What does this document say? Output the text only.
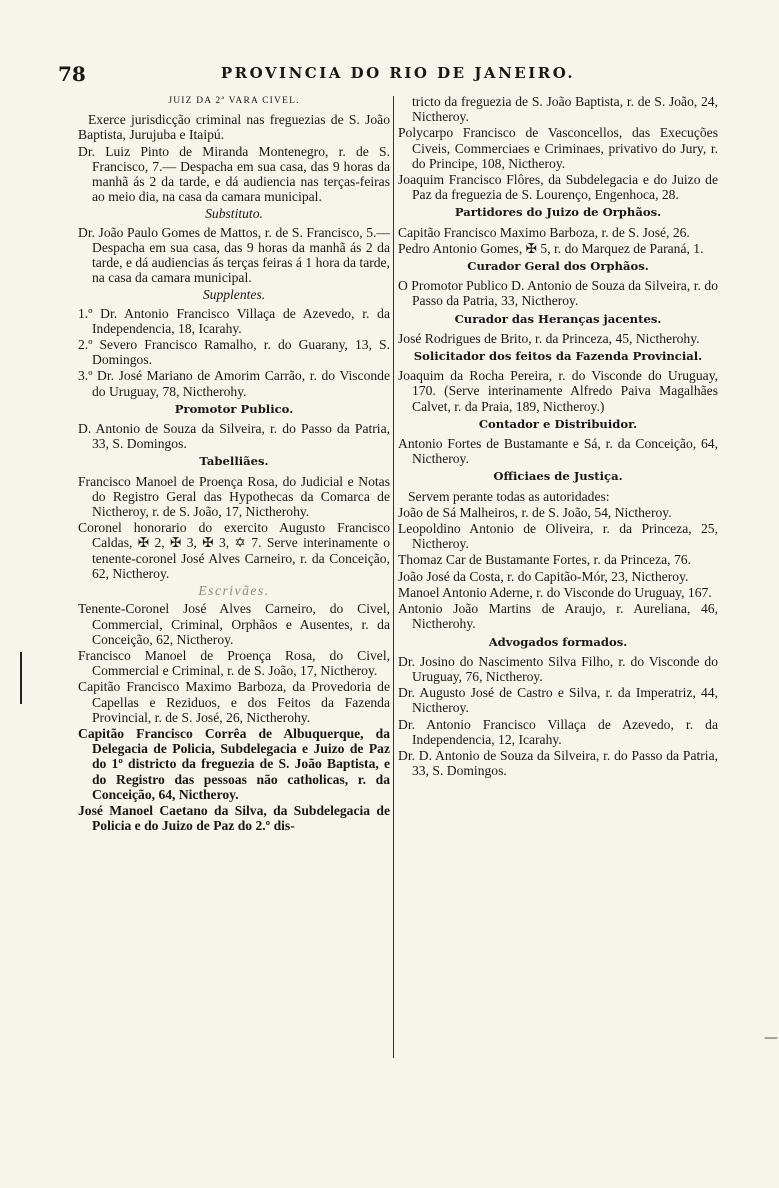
78	PROVINCIA DO RIO DE JANEIRO.
—
JUIZ DA 2ª VARA CIVEL.

Exerce jurisdicção criminal nas freguezias de S. João Baptista, Jurujuba e Itaipú.

Dr. Luiz Pinto de Miranda Montenegro, r. de S. Francisco, 7.— Despacha em sua casa, das 9 horas da manhã ás 2 da tarde, e dá audiencia nas terças-feiras ao meio dia, na casa da camara municipal.

Substituto.

Dr. João Paulo Gomes de Mattos, r. de S. Francisco, 5.—Despacha em sua casa, das 9 horas da manhã ás 2 da tarde, e dá audiencias ás terças feiras á 1 hora da tarde, na casa da camara municipal.

Supplentes.

1.º Dr. Antonio Francisco Villaça de Azevedo, r. da Independencia, 18, Icarahy.

2.º Severo Francisco Ramalho, r. do Guarany, 13, S. Domingos.

3.º Dr. José Mariano de Amorim Carrão, r. do Visconde do Uruguay, 78, Nictherohy.

Promotor Publico.

D. Antonio de Souza da Silveira, r. do Passo da Patria, 33, S. Domingos.

Tabelliães.

Francisco Manoel de Proença Rosa, do Judicial e Notas do Registro Geral das Hypothecas da Comarca de Nictheroy, r. de S. João, 17, Nictherohy.

Coronel honorario do exercito Augusto Francisco Caldas, ✠ 2, ✠ 3, ✠ 3, ✡ 7. Serve interinamente o tenente-coronel José Alves Carneiro, r. da Conceição, 62, Nictheroy.

Escrivães.

Tenente-Coronel José Alves Carneiro, do Civel, Commercial, Criminal, Orphãos e Ausentes, r. da Conceição, 62, Nictheroy.

Francisco Manoel de Proença Rosa, do Civel, Commercial e Criminal, r. de S. João, 17, Nictheroy.

Capitão Francisco Maximo Barboza, da Provedoria de Capellas e Reziduos, e dos Feitos da Fazenda Provincial, r. de S. José, 26, Nictherohy.

Capitão Francisco Corrêa de Albuquerque, da Delegacia de Policia, Subdelegacia e Juizo de Paz do 1º districto da freguezia de S. João Baptista, e do Registro das pessoas não catholicas, r. da Conceição, 64, Nictheroy.

José Manoel Caetano da Silva, da Subdelegacia de Policia e do Juizo de Paz do 2.º dis-

tricto da freguezia de S. João Baptista, r. de S. João, 24, Nictheroy.

Polycarpo Francisco de Vasconcellos, das Execuções Civeis, Commerciaes e Criminaes, privativo do Jury, r. do Principe, 108, Nictheroy.

Joaquim Francisco Flôres, da Subdelegacia e do Juizo de Paz da freguezia de S. Lourenço, Engenhoca, 28.

Partidores do Juizo de Orphãos.

Capitão Francisco Maximo Barboza, r. de S. José, 26.

Pedro Antonio Gomes, ✠ 5, r. do Marquez de Paraná, 1.

Curador Geral dos Orphãos.

O Promotor Publico D. Antonio de Souza da Silveira, r. do Passo da Patria, 33, Nictheroy.

Curador das Heranças jacentes.

José Rodrigues de Brito, r. da Princeza, 45, Nictherohy.

Solicitador dos feitos da Fazenda Provincial.

Joaquim da Rocha Pereira, r. do Visconde do Uruguay, 170. (Serve interinamente Alfredo Paiva Magalhães Calvet, r. da Praia, 189, Nictheroy.)

Contador e Distribuidor.

Antonio Fortes de Bustamante e Sá, r. da Conceição, 64, Nictheroy.

Officiaes de Justiça.

Servem perante todas as autoridades:

João de Sá Malheiros, r. de S. João, 54, Nictheroy.

Leopoldino Antonio de Oliveira, r. da Princeza, 25, Nictheroy.

Thomaz Car de Bustamante Fortes, r. da Princeza, 76.

João José da Costa, r. do Capitão-Mór, 23, Nictheroy.

Manoel Antonio Aderne, r. do Visconde do Uruguay, 167.

Antonio João Martins de Araujo, r. Aureliana, 46, Nictherohy.

Advogados formados.

Dr. Josino do Nascimento Silva Filho, r. do Visconde do Uruguay, 76, Nictheroy.

Dr. Augusto José de Castro e Silva, r. da Imperatriz, 44, Nictheroy.

Dr. Antonio Francisco Villaça de Azevedo, r. da Independencia, 12, Icarahy.

Dr. D. Antonio de Souza da Silveira, r. do Passo da Patria, 33, S. Domingos.
